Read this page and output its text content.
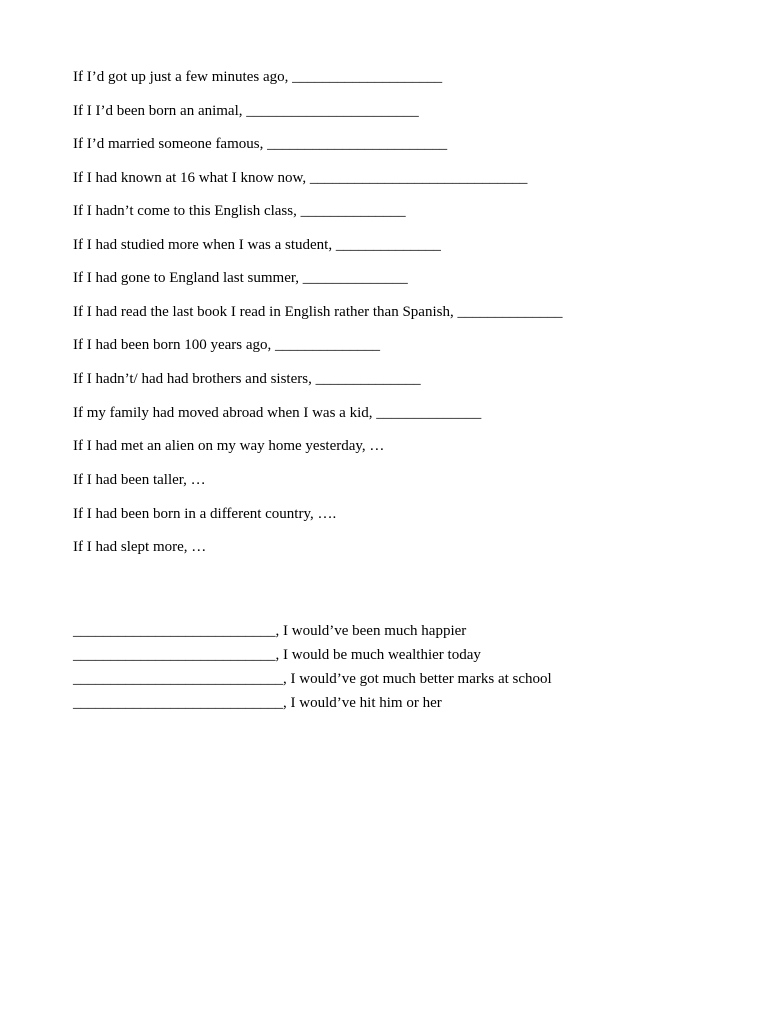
If I’d got up just a few minutes ago, ____________________
If I I’d been born an animal, _______________________
If I’d married someone famous, ________________________
If I had known at 16 what I know now, _____________________________
If I hadn’t come to this English class, ______________
If I had studied more when I was a student, ______________
If I had gone to England last summer, ______________
If I had read the last book I read in English rather than Spanish, ______________
If I had been born 100 years ago, ______________
If I hadn’t/ had had brothers and sisters, ______________
If my family had moved abroad when I was a kid, ______________
If I had met an alien on my way home yesterday, …
If I had been taller, …
If I had been born in a different country, ….
If I had slept more, …
___________________________, I would’ve been much happier
___________________________, I would be much wealthier today
____________________________, I would’ve got much better marks at school
____________________________, I would’ve hit him or her
